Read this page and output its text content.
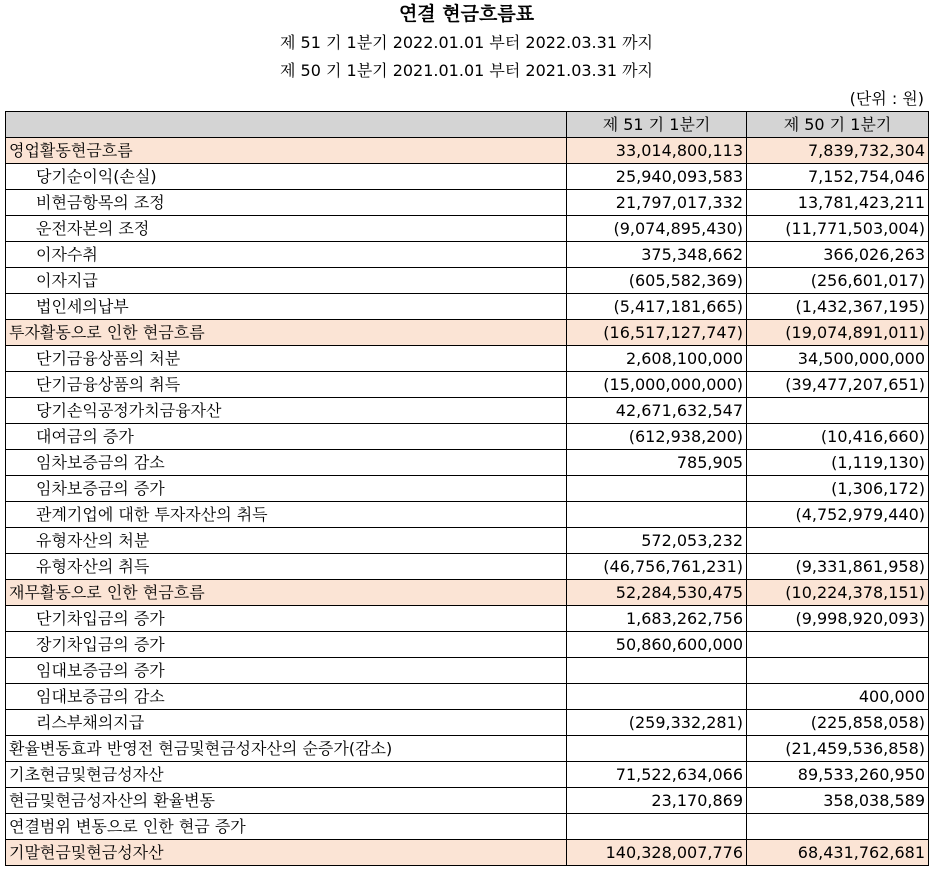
연결 현금흐름표
제 51 기 1분기 2022.01.01 부터 2022.03.31 까지
제 50 기 1분기 2021.01.01 부터 2021.03.31 까지
(단위 : 원)
	제 51 기 1분기	제 50 기 1분기
영업활동현금흐름	33,014,800,113	7,839,732,304
당기순이익(손실)	25,940,093,583	7,152,754,046
비현금항목의 조정	21,797,017,332	13,781,423,211
운전자본의 조정	(9,074,895,430)	(11,771,503,004)
이자수취	375,348,662	366,026,263
이자지급	(605,582,369)	(256,601,017)
법인세의납부	(5,417,181,665)	(1,432,367,195)
투자활동으로 인한 현금흐름	(16,517,127,747)	(19,074,891,011)
단기금융상품의 처분	2,608,100,000	34,500,000,000
단기금융상품의 취득	(15,000,000,000)	(39,477,207,651)
당기손익공정가치금융자산	42,671,632,547	
대여금의 증가	(612,938,200)	(10,416,660)
임차보증금의 감소	785,905	(1,119,130)
임차보증금의 증가		(1,306,172)
관계기업에 대한 투자자산의 취득		(4,752,979,440)
유형자산의 처분	572,053,232	
유형자산의 취득	(46,756,761,231)	(9,331,861,958)
재무활동으로 인한 현금흐름	52,284,530,475	(10,224,378,151)
단기차입금의 증가	1,683,262,756	(9,998,920,093)
장기차입금의 증가	50,860,600,000	
임대보증금의 증가		
임대보증금의 감소		400,000
리스부채의지급	(259,332,281)	(225,858,058)
환율변동효과 반영전 현금및현금성자산의 순증가(감소)		(21,459,536,858)
기초현금및현금성자산	71,522,634,066	89,533,260,950
현금및현금성자산의 환율변동	23,170,869	358,038,589
연결범위 변동으로 인한 현금 증가		
기말현금및현금성자산	140,328,007,776	68,431,762,681
